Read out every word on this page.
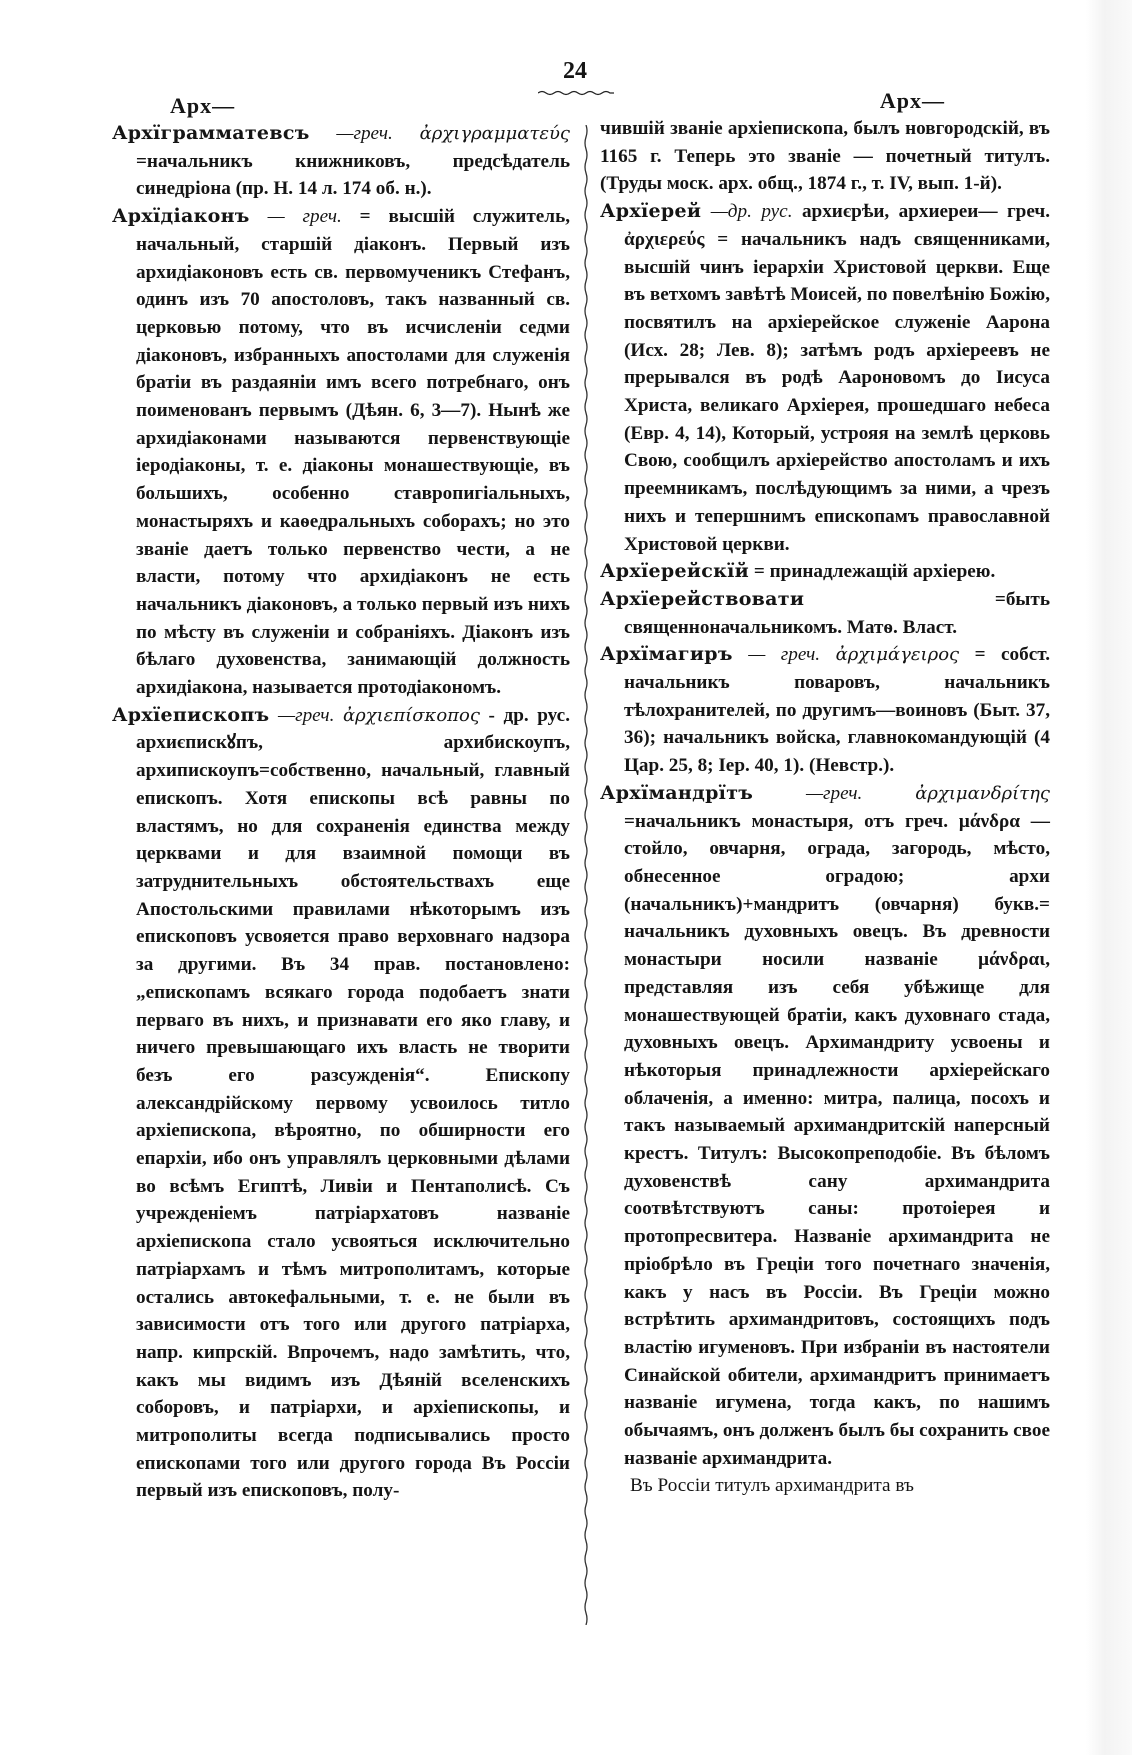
24
Арх—

Архїграмматевсъ —греч. ἀρχιγραμματεύς =начальникъ книжниковъ, предсѣдатель синедріона (пр. Н. 14 л. 174 об. н.).

Архїдіаконъ — греч. = высшій служитель, начальный, старшій діаконъ. Первый изъ архидіаконовъ есть св. первомученикъ Стефанъ, одинъ изъ 70 апостоловъ, такъ названный св. церковью потому, что въ исчисленіи седми діаконовъ, избранныхъ апостолами для служенія братіи въ раздаяніи имъ всего потребнаго, онъ поименованъ первымъ (Дѣян. 6, 3—7). Нынѣ же архидіаконами называются первенствующіе іеродіаконы, т. е. діаконы монашествующіе, въ большихъ, особенно ставропигіальныхъ, монастыряхъ и каѳедральныхъ соборахъ; но это званіе даетъ только первенство чести, а не власти, потому что архидіаконъ не есть начальникъ діаконовъ, а только первый изъ нихъ по мѣсту въ служеніи и собраніяхъ. Діаконъ изъ бѣлаго духовенства, занимающій должность архидіакона, называется протодіакономъ.

Архїепископъ —греч. ἀρχιεπίσκοπος - др. рус. архиєпискꙋпъ, архибискоупъ, архипискоупъ=собственно, начальный, главный епископъ. Хотя епископы всѣ равны по властямъ, но для сохраненія единства между церквами и для взаимной помощи въ затруднительныхъ обстоятельствахъ еще Апостольскими правилами нѣкоторымъ изъ епископовъ усвояется право верховнаго надзора за другими. Въ 34 прав. постановлено: „епископамъ всякаго города подобаетъ знати перваго въ нихъ, и признавати его яко главу, и ничего превышающаго ихъ власть не творити безъ его разсужденія“. Епископу александрійскому первому усвоилось титло архіепископа, вѣроятно, по обширности его епархіи, ибо онъ управлялъ церковными дѣлами во всѣмъ Египтѣ, Ливіи и Пентаполисѣ. Съ учрежденіемъ патріархатовъ названіе архіепископа стало усвояться исключительно патріархамъ и тѣмъ митрополитамъ, которые остались автокефальными, т. е. не были въ зависимости отъ того или другого патріарха, напр. кипрскій. Впрочемъ, надо замѣтить, что, какъ мы видимъ изъ Дѣяній вселенскихъ соборовъ, и патріархи, и архіепископы, и митрополиты всегда подписывались просто епископами того или другого города Въ Россіи первый изъ епископовъ, полу-

Арх—

чившій званіе архіепископа, былъ новгородскій, въ 1165 г. Теперь это званіе — почетный титулъ. (Труды моск. арх. общ., 1874 г., т. IV, вып. 1-й).

Архїерей —др. рус. архиєрѣи, архиереи— греч. ἀρχιερεύς = начальникъ надъ священниками, высшій чинъ іерархіи Христовой церкви. Еще въ ветхомъ завѣтѣ Моисей, по повелѣнію Божію, посвятилъ на архіерейское служеніе Аарона (Исх. 28; Лев. 8); затѣмъ родъ архіереевъ не прерывался въ родѣ Аароновомъ до Іисуса Христа, великаго Архіерея, прошедшаго небеса (Евр. 4, 14), Который, устрояя на землѣ церковь Свою, сообщилъ архіерейство апостоламъ и ихъ преемникамъ, послѣдующимъ за ними, а чрезъ нихъ и тепершнимъ епископамъ православной Христовой церкви.

Архїерейскїй = принадлежащій архіерею.

Архїерействовати	=быть священноначальникомъ. Матѳ. Власт.

Архїмагиръ — греч. ἀρχιμάγειρος = собст. начальникъ поваровъ, начальникъ тѣлохранителей, по другимъ—воиновъ (Быт. 37, 36); начальникъ войска, главнокомандующій (4 Цар. 25, 8; Іер. 40, 1). (Невстр.).

Архїмандрїтъ	—греч.	ἀρχιμανδρίτης =начальникъ монастыря, отъ греч. μάνδρα — стойло, овчарня, ограда, загородь, мѣсто, обнесенное оградою; архи (начальникъ)+мандритъ (овчарня) букв.= начальникъ духовныхъ овецъ. Въ древности монастыри носили названіе μάνδραι, представляя изъ себя убѣжище для монашествующей братіи, какъ духовнаго стада, духовныхъ овецъ. Архимандриту усвоены и нѣкоторыя принадлежности архіерейскаго облаченія, а именно: митра, палица, посохъ и такъ называемый архимандритскій наперсный крестъ. Титулъ: Высокопреподобіе. Въ бѣломъ духовенствѣ сану архимандрита соотвѣтствуютъ саны: протоіерея и протопресвитера. Названіе архимандрита не пріобрѣло въ Греціи того почетнаго значенія, какъ у насъ въ Россіи. Въ Греціи можно встрѣтить архимандритовъ, состоящихъ подъ властію игуменовъ. При избраніи въ настоятели Синайской обители, архимандритъ принимаетъ названіе игумена, тогда какъ, по нашимъ обычаямъ, онъ долженъ былъ бы сохранить свое названіе архимандрита.

Въ Россіи титулъ архимандрита въ
